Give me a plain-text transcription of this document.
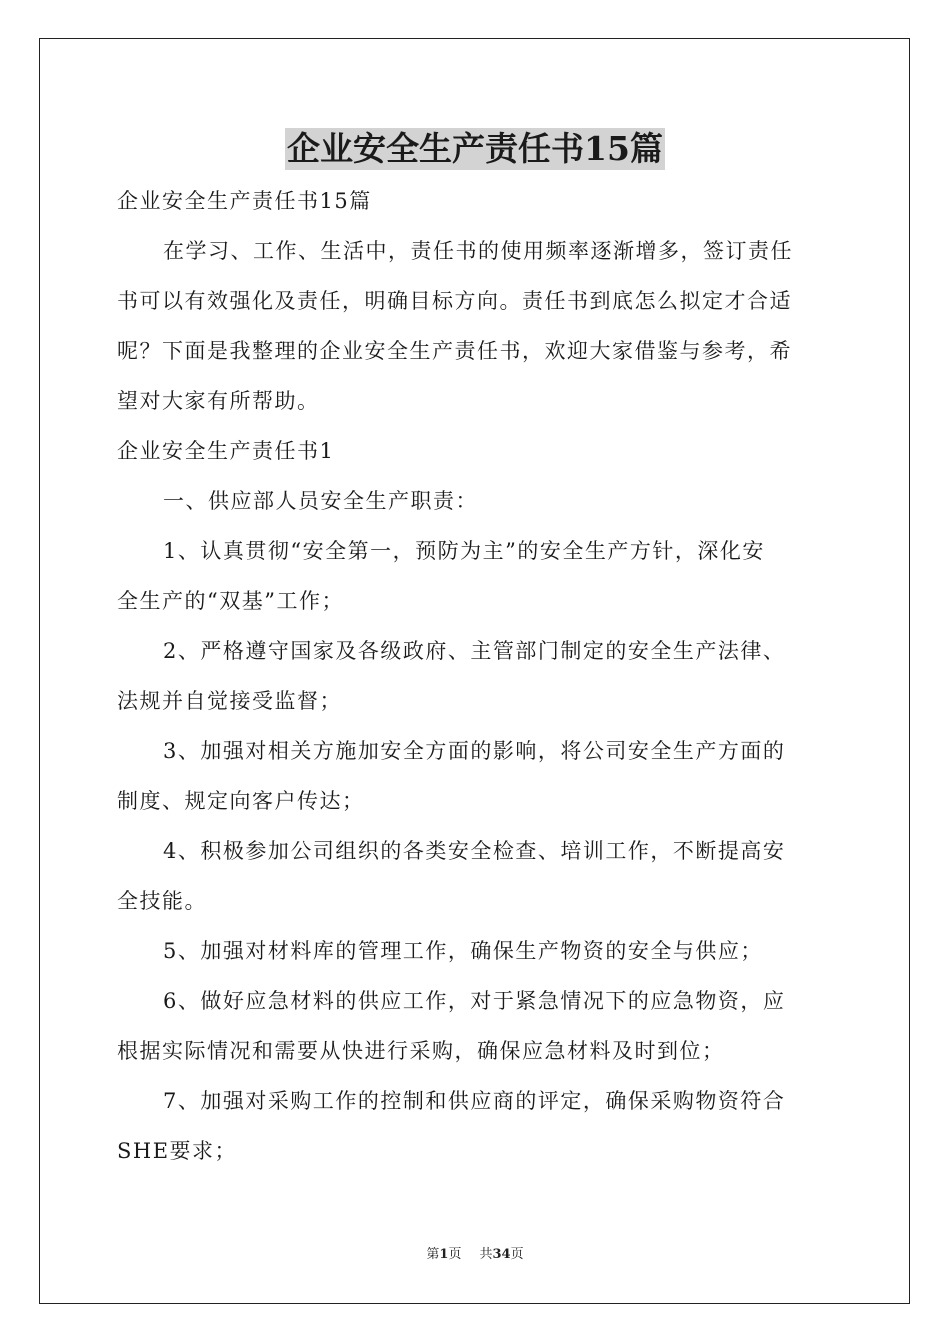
企业安全生产责任书15篇
企业安全生产责任书15篇
在学习、工作、生活中，责任书的使用频率逐渐增多，签订责任
书可以有效强化及责任，明确目标方向。责任书到底怎么拟定才合适
呢？下面是我整理的企业安全生产责任书，欢迎大家借鉴与参考，希
望对大家有所帮助。
企业安全生产责任书1
一、供应部人员安全生产职责：
1、认真贯彻“安全第一，预防为主”的安全生产方针，深化安
全生产的“双基”工作；
2、严格遵守国家及各级政府、主管部门制定的安全生产法律、
法规并自觉接受监督；
3、加强对相关方施加安全方面的影响，将公司安全生产方面的
制度、规定向客户传达；
4、积极参加公司组织的各类安全检查、培训工作，不断提高安
全技能。
5、加强对材料库的管理工作，确保生产物资的安全与供应；
6、做好应急材料的供应工作，对于紧急情况下的应急物资，应
根据实际情况和需要从快进行采购，确保应急材料及时到位；
7、加强对采购工作的控制和供应商的评定，确保采购物资符合
SHE要求；
第1页 共34页
